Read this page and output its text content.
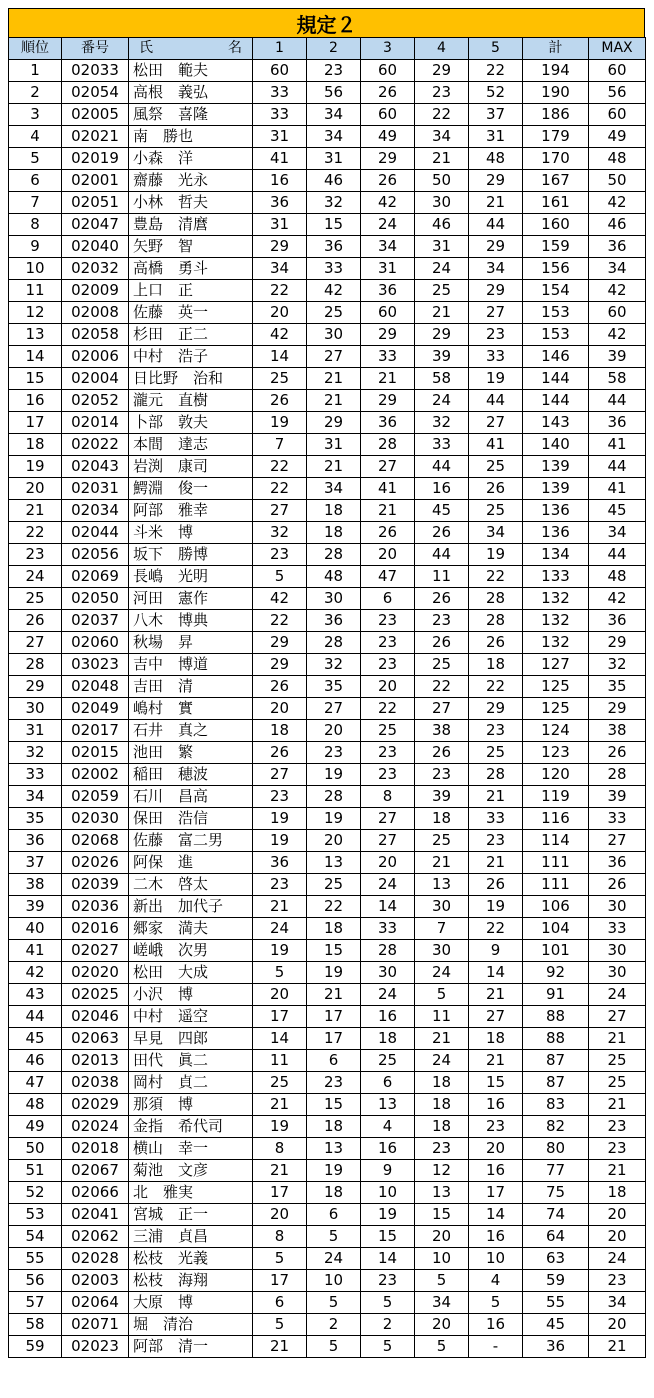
規定２
順位	番号	氏 名	1	2	3	4	5	計	MAX
1	02033	松田　範夫	60	23	60	29	22	194	60
2	02054	高根　義弘	33	56	26	23	52	190	56
3	02005	風祭　喜隆	33	34	60	22	37	186	60
4	02021	南　勝也	31	34	49	34	31	179	49
5	02019	小森　洋	41	31	29	21	48	170	48
6	02001	齋藤　光永	16	46	26	50	29	167	50
7	02051	小林　哲夫	36	32	42	30	21	161	42
8	02047	豊島　清麿	31	15	24	46	44	160	46
9	02040	矢野　智	29	36	34	31	29	159	36
10	02032	高橋　勇斗	34	33	31	24	34	156	34
11	02009	上口　正	22	42	36	25	29	154	42
12	02008	佐藤　英一	20	25	60	21	27	153	60
13	02058	杉田　正二	42	30	29	29	23	153	42
14	02006	中村　浩子	14	27	33	39	33	146	39
15	02004	日比野　治和	25	21	21	58	19	144	58
16	02052	瀧元　直樹	26	21	29	24	44	144	44
17	02014	卜部　敦夫	19	29	36	32	27	143	36
18	02022	本間　達志	7	31	28	33	41	140	41
19	02043	岩渕　康司	22	21	27	44	25	139	44
20	02031	鰐淵　俊一	22	34	41	16	26	139	41
21	02034	阿部　雅幸	27	18	21	45	25	136	45
22	02044	斗米　博	32	18	26	26	34	136	34
23	02056	坂下　勝博	23	28	20	44	19	134	44
24	02069	長嶋　光明	5	48	47	11	22	133	48
25	02050	河田　憲作	42	30	6	26	28	132	42
26	02037	八木　博典	22	36	23	23	28	132	36
27	02060	秋場　昇	29	28	23	26	26	132	29
28	03023	吉中　博道	29	32	23	25	18	127	32
29	02048	吉田　清	26	35	20	22	22	125	35
30	02049	嶋村　實	20	27	22	27	29	125	29
31	02017	石井　真之	18	20	25	38	23	124	38
32	02015	池田　繁	26	23	23	26	25	123	26
33	02002	稲田　穂波	27	19	23	23	28	120	28
34	02059	石川　昌高	23	28	8	39	21	119	39
35	02030	保田　浩信	19	19	27	18	33	116	33
36	02068	佐藤　富二男	19	20	27	25	23	114	27
37	02026	阿保　進	36	13	20	21	21	111	36
38	02039	二木　啓太	23	25	24	13	26	111	26
39	02036	新出　加代子	21	22	14	30	19	106	30
40	02016	郷家　満夫	24	18	33	7	22	104	33
41	02027	嵯峨　次男	19	15	28	30	9	101	30
42	02020	松田　大成	5	19	30	24	14	92	30
43	02025	小沢　博	20	21	24	5	21	91	24
44	02046	中村　遥空	17	17	16	11	27	88	27
45	02063	早見　四郎	14	17	18	21	18	88	21
46	02013	田代　眞二	11	6	25	24	21	87	25
47	02038	岡村　貞二	25	23	6	18	15	87	25
48	02029	那須　博	21	15	13	18	16	83	21
49	02024	金指　希代司	19	18	4	18	23	82	23
50	02018	横山　幸一	8	13	16	23	20	80	23
51	02067	菊池　文彦	21	19	9	12	16	77	21
52	02066	北　雅実	17	18	10	13	17	75	18
53	02041	宮城　正一	20	6	19	15	14	74	20
54	02062	三浦　貞昌	8	5	15	20	16	64	20
55	02028	松枝　光義	5	24	14	10	10	63	24
56	02003	松枝　海翔	17	10	23	5	4	59	23
57	02064	大原　博	6	5	5	34	5	55	34
58	02071	堀　清治	5	2	2	20	16	45	20
59	02023	阿部　清一	21	5	5	5	-	36	21
